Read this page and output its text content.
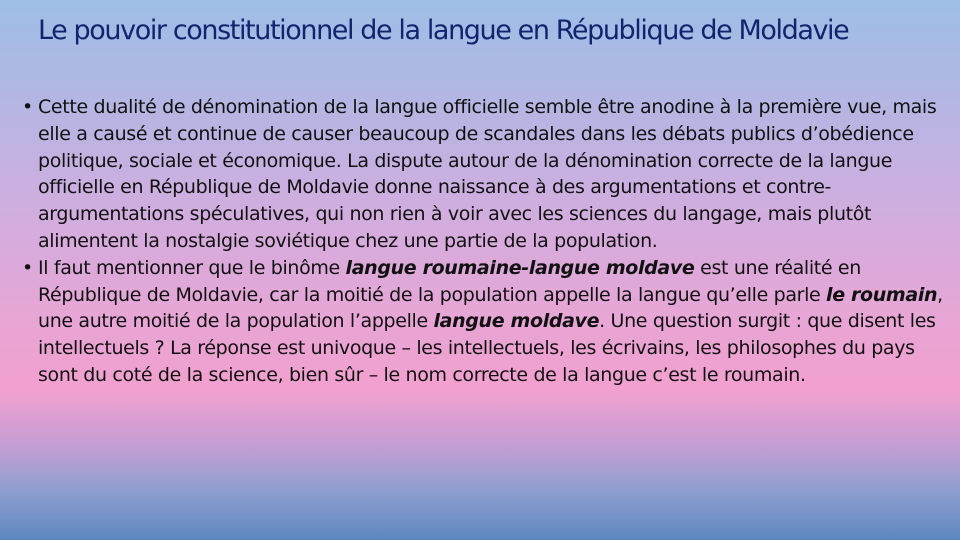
Le pouvoir constitutionnel de la langue en République de Moldavie
• Cette dualité de dénomination de la langue officielle semble être anodine à la première vue, mais elle a causé et continue de causer beaucoup de scandales dans les débats publics d’obédience politique, sociale et économique. La dispute autour de la dénomination correcte de la langue officielle en République de Moldavie donne naissance à des argumentations et contre-argumentations spéculatives, qui non rien à voir avec les sciences du langage, mais plutôt alimentent la nostalgie soviétique chez une partie de la population.
• Il faut mentionner que le binôme langue roumaine-langue moldave est une réalité en République de Moldavie, car la moitié de la population appelle la langue qu’elle parle le roumain, une autre moitié de la population l’appelle langue moldave. Une question surgit : que disent les intellectuels ? La réponse est univoque – les intellectuels, les écrivains, les philosophes du pays sont du coté de la science, bien sûr – le nom correcte de la langue c’est le roumain.
